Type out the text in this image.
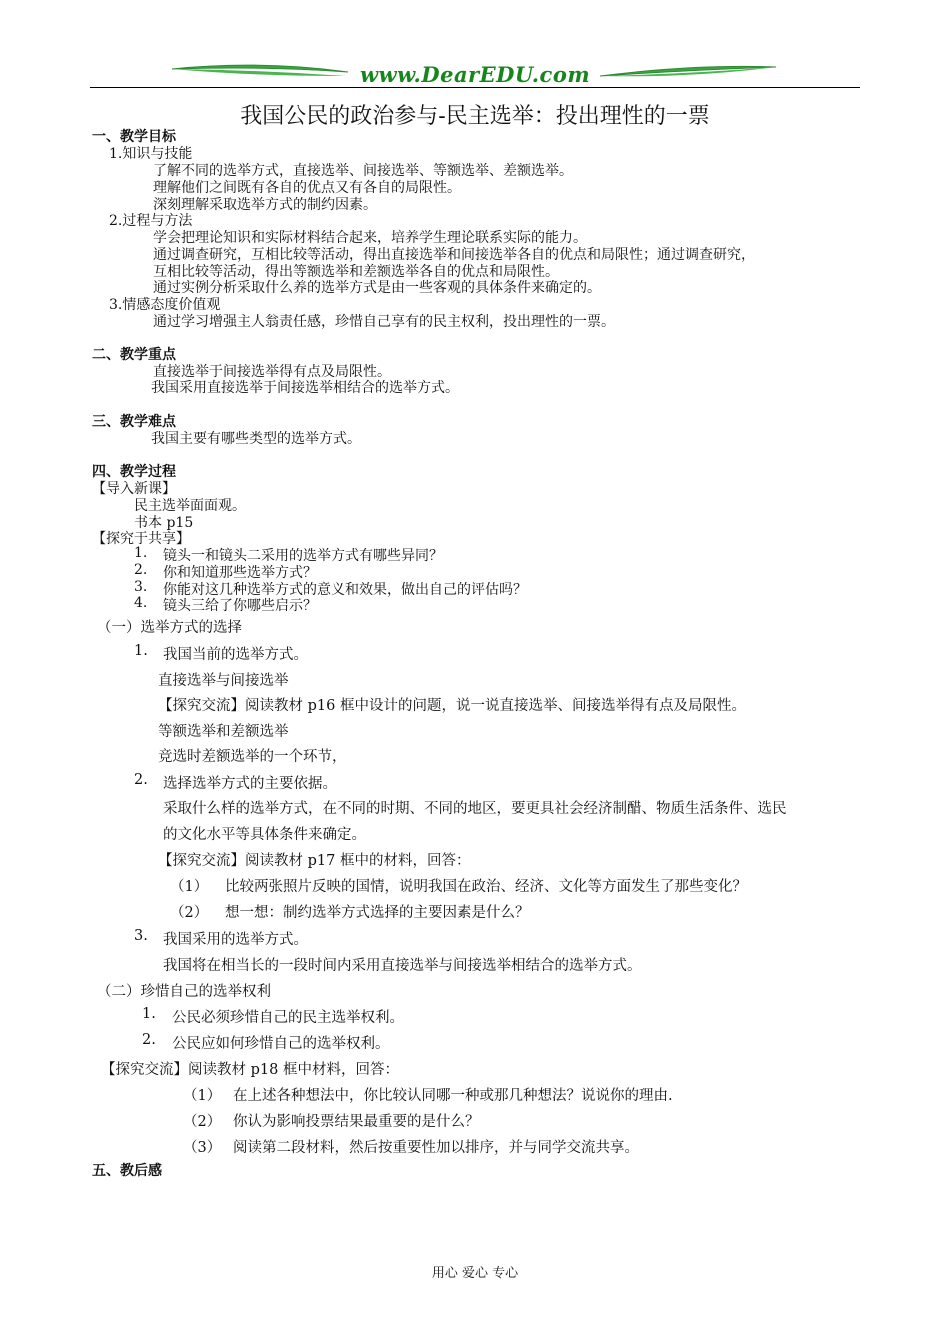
www.DearEDU.com
我国公民的政治参与-民主选举：投出理性的一票
一、教学目标
1.知识与技能
了解不同的选举方式，直接选举、间接选举、等额选举、差额选举。
理解他们之间既有各自的优点又有各自的局限性。
深刻理解采取选举方式的制约因素。
2.过程与方法
学会把理论知识和实际材料结合起来，培养学生理论联系实际的能力。
通过调查研究，互相比较等活动，得出直接选举和间接选举各自的优点和局限性；通过调查研究，
互相比较等活动，得出等额选举和差额选举各自的优点和局限性。
通过实例分析采取什么养的选举方式是由一些客观的具体条件来确定的。
3.情感态度价值观
通过学习增强主人翁责任感，珍惜自己享有的民主权利，投出理性的一票。
二、教学重点
直接选举于间接选举得有点及局限性。
我国采用直接选举于间接选举相结合的选举方式。
三、教学难点
我国主要有哪些类型的选举方式。
四、教学过程
【导入新课】
民主选举面面观。
书本 p15
【探究于共享】
1. 镜头一和镜头二采用的选举方式有哪些异同？
2. 你和知道那些选举方式？
3. 你能对这几种选举方式的意义和效果，做出自己的评估吗？
4. 镜头三给了你哪些启示？
（一）选举方式的选择
1. 我国当前的选举方式。
直接选举与间接选举
【探究交流】阅读教材 p16 框中设计的问题，说一说直接选举、间接选举得有点及局限性。
等额选举和差额选举
竞选时差额选举的一个环节，
2. 选择选举方式的主要依据。
采取什么样的选举方式，在不同的时期、不同的地区，要更具社会经济制醋、物质生活条件、选民
的文化水平等具体条件来确定。
【探究交流】阅读教材 p17 框中的材料，回答：
（1） 比较两张照片反映的国情，说明我国在政治、经济、文化等方面发生了那些变化？
（2） 想一想：制约选举方式选择的主要因素是什么？
3. 我国采用的选举方式。
我国将在相当长的一段时间内采用直接选举与间接选举相结合的选举方式。
（二）珍惜自己的选举权利
1. 公民必须珍惜自己的民主选举权利。
2. 公民应如何珍惜自己的选举权利。
【探究交流】阅读教材 p18 框中材料，回答：
（1） 在上述各种想法中，你比较认同哪一种或那几种想法？说说你的理由.
（2） 你认为影响投票结果最重要的是什么？
（3） 阅读第二段材料，然后按重要性加以排序，并与同学交流共享。
五、教后感
用心 爱心 专心
